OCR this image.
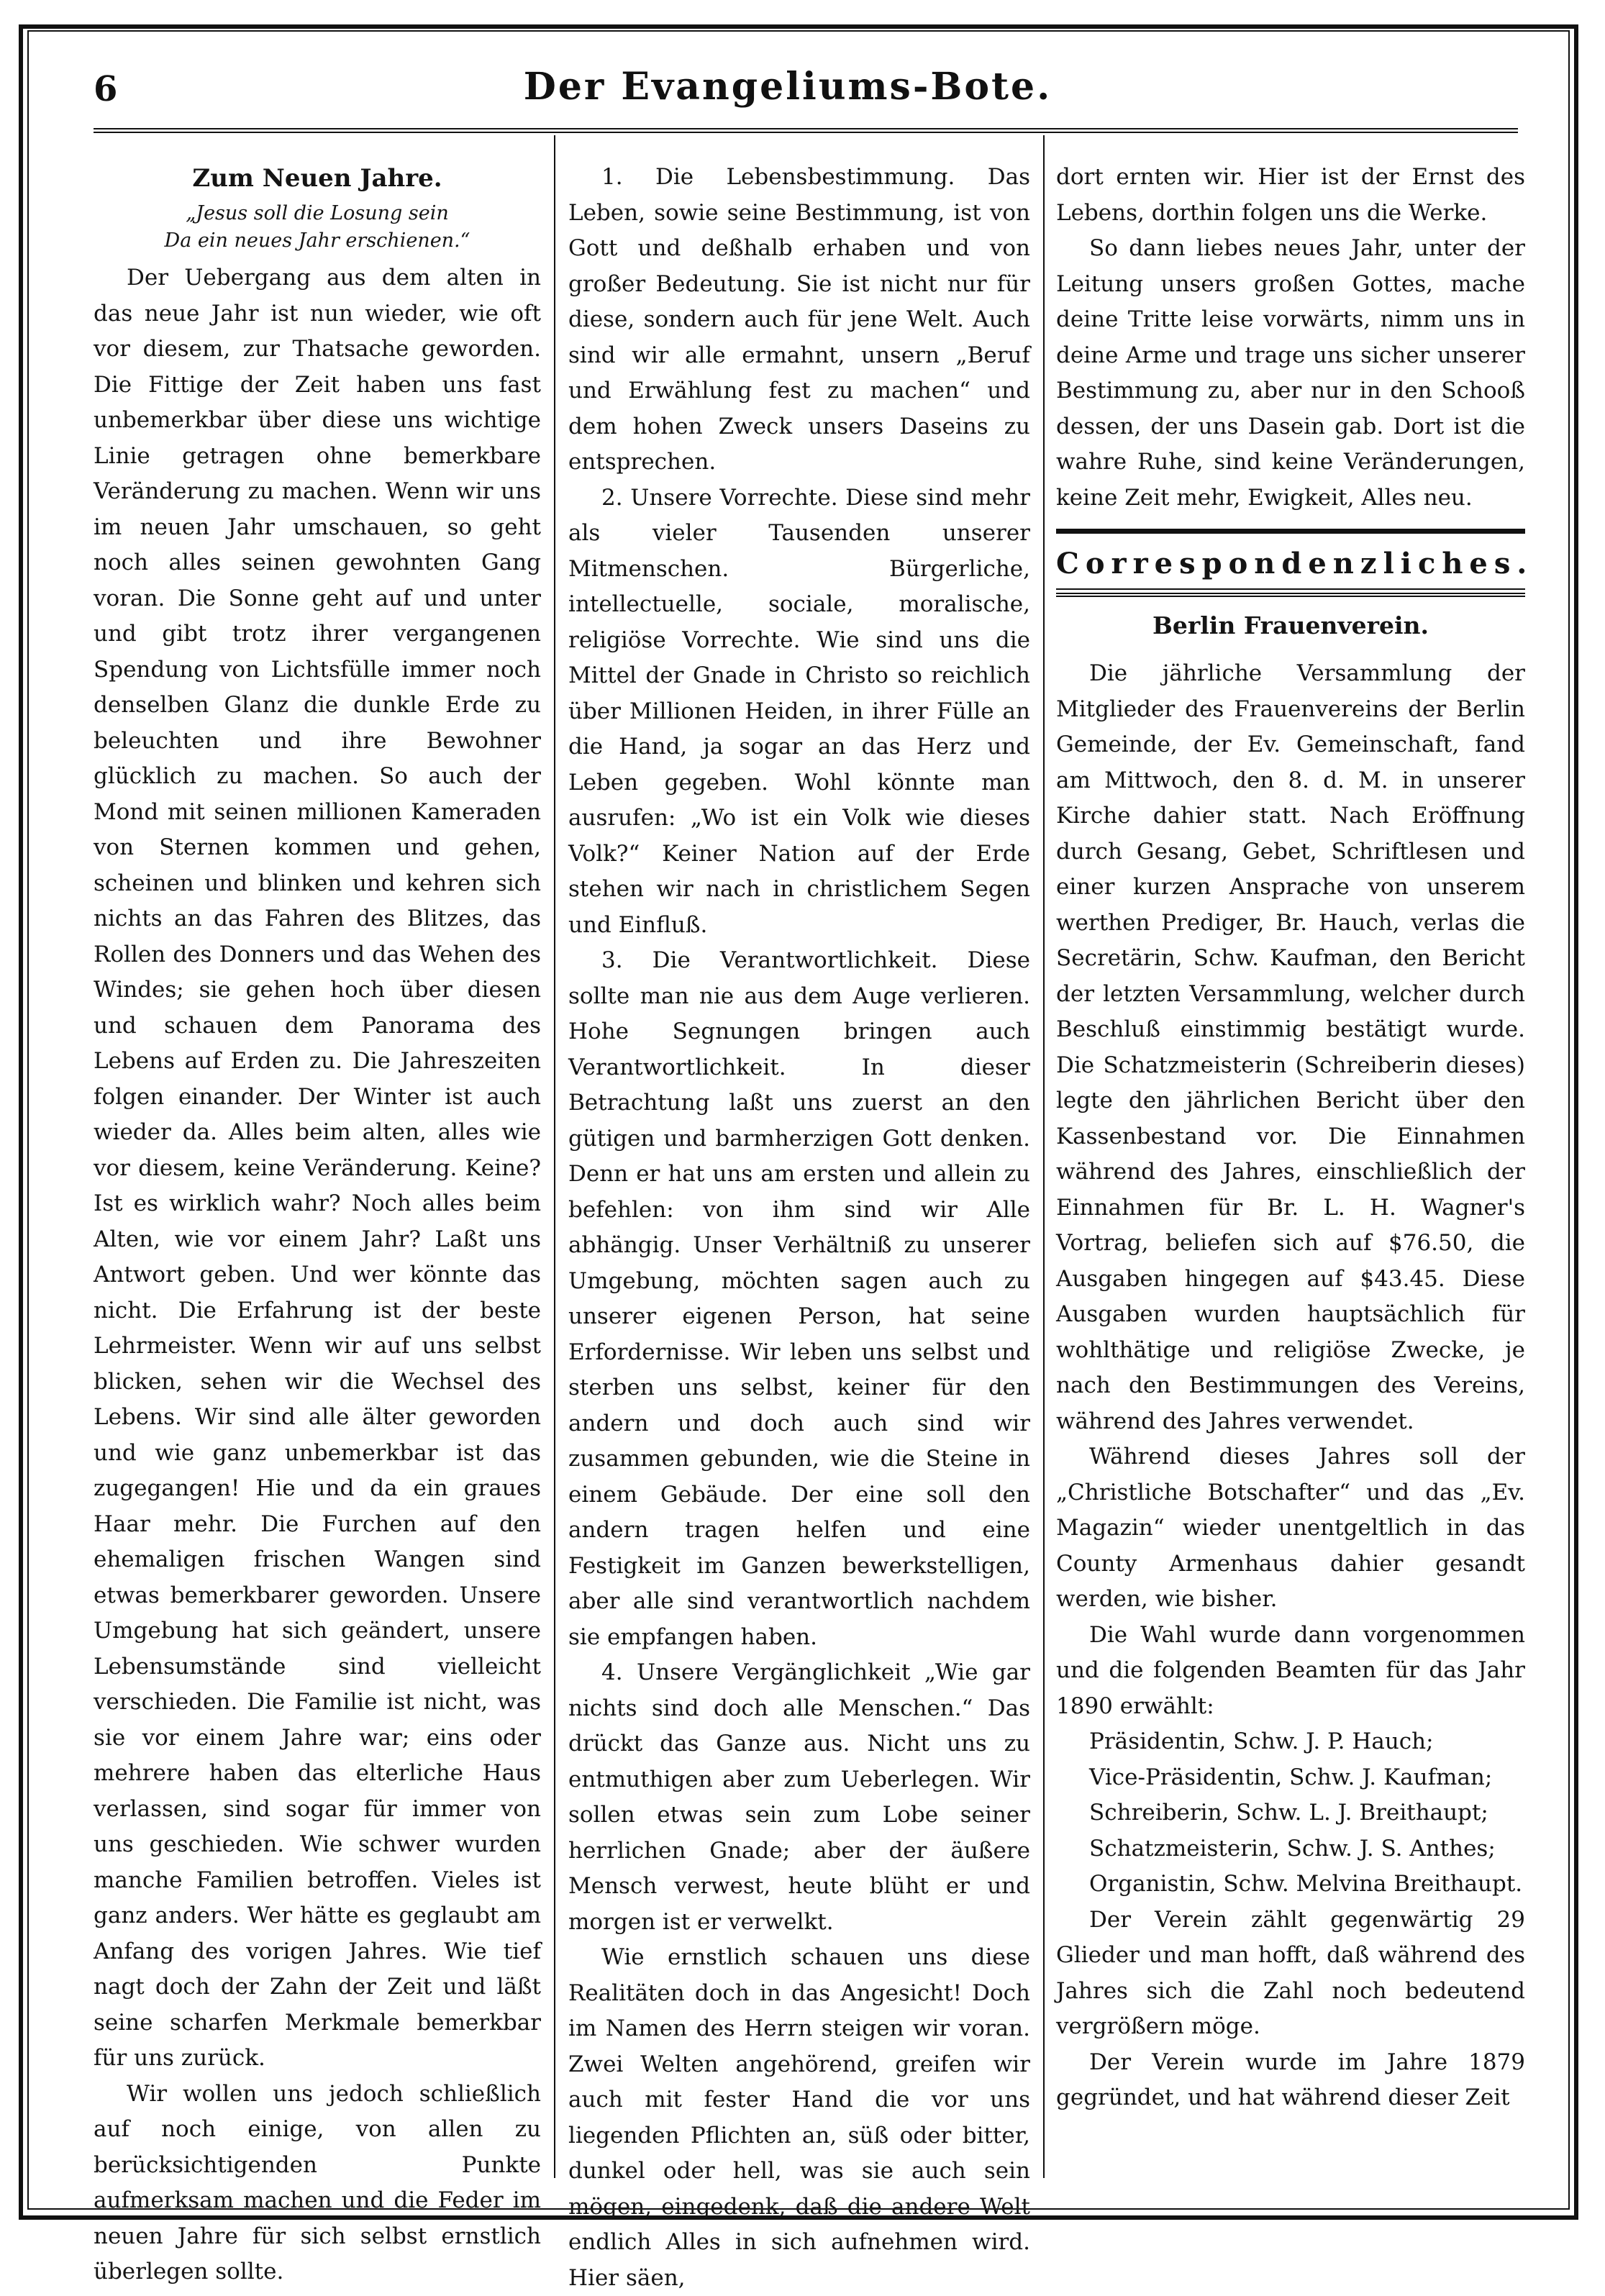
6	Der Evangeliums-Bote.
Zum Neuen Jahre.
„Jesus soll die Losung sein
Da ein neues Jahr erschienen.“

Der Uebergang aus dem alten in das neue Jahr ist nun wieder, wie oft vor diesem, zur Thatsache geworden. Die Fittige der Zeit haben uns fast unbemerkbar über diese uns wichtige Linie getragen ohne bemerkbare Veränderung zu machen. Wenn wir uns im neuen Jahr umschauen, so geht noch alles seinen gewohnten Gang voran. Die Sonne geht auf und unter und gibt trotz ihrer vergangenen Spendung von Lichtsfülle immer noch denselben Glanz die dunkle Erde zu beleuchten und ihre Bewohner glücklich zu machen. So auch der Mond mit seinen millionen Kameraden von Sternen kommen und gehen, scheinen und blinken und kehren sich nichts an das Fahren des Blitzes, das Rollen des Donners und das Wehen des Windes; sie gehen hoch über diesen und schauen dem Panorama des Lebens auf Erden zu. Die Jahreszeiten folgen einander. Der Winter ist auch wieder da. Alles beim alten, alles wie vor diesem, keine Veränderung. Keine? Ist es wirklich wahr? Noch alles beim Alten, wie vor einem Jahr? Laßt uns Antwort geben. Und wer könnte das nicht. Die Erfahrung ist der beste Lehrmeister. Wenn wir auf uns selbst blicken, sehen wir die Wechsel des Lebens. Wir sind alle älter geworden und wie ganz unbemerkbar ist das zugegangen! Hie und da ein graues Haar mehr. Die Furchen auf den ehemaligen frischen Wangen sind etwas bemerkbarer geworden. Unsere Umgebung hat sich geändert, unsere Lebensumstände sind vielleicht verschieden. Die Familie ist nicht, was sie vor einem Jahre war; eins oder mehrere haben das elterliche Haus verlassen, sind sogar für immer von uns geschieden. Wie schwer wurden manche Familien betroffen. Vieles ist ganz anders. Wer hätte es geglaubt am Anfang des vorigen Jahres. Wie tief nagt doch der Zahn der Zeit und läßt seine scharfen Merkmale bemerkbar für uns zurück.

Wir wollen uns jedoch schließlich auf noch einige, von allen zu berücksichtigenden Punkte aufmerksam machen und die Feder im neuen Jahre für sich selbst ernstlich überlegen sollte.

1. Die Lebensbestimmung. Das Leben, sowie seine Bestimmung, ist von Gott und deßhalb erhaben und von großer Bedeutung. Sie ist nicht nur für diese, sondern auch für jene Welt. Auch sind wir alle ermahnt, unsern „Beruf und Erwählung fest zu machen“ und dem hohen Zweck unsers Daseins zu entsprechen.

2. Unsere Vorrechte. Diese sind mehr als vieler Tausenden unserer Mitmenschen. Bürgerliche, intellectuelle, sociale, moralische, religiöse Vorrechte. Wie sind uns die Mittel der Gnade in Christo so reichlich über Millionen Heiden, in ihrer Fülle an die Hand, ja sogar an das Herz und Leben gegeben. Wohl könnte man ausrufen: „Wo ist ein Volk wie dieses Volk?“ Keiner Nation auf der Erde stehen wir nach in christlichem Segen und Einfluß.

3. Die Verantwortlichkeit. Diese sollte man nie aus dem Auge verlieren. Hohe Segnungen bringen auch Verantwortlichkeit. In dieser Betrachtung laßt uns zuerst an den gütigen und barmherzigen Gott denken. Denn er hat uns am ersten und allein zu befehlen: von ihm sind wir Alle abhängig. Unser Verhältniß zu unserer Umgebung, möchten sagen auch zu unserer eigenen Person, hat seine Erfordernisse. Wir leben uns selbst und sterben uns selbst, keiner für den andern und doch auch sind wir zusammen gebunden, wie die Steine in einem Gebäude. Der eine soll den andern tragen helfen und eine Festigkeit im Ganzen bewerkstelligen, aber alle sind verantwortlich nachdem sie empfangen haben.

4. Unsere Vergänglichkeit „Wie gar nichts sind doch alle Menschen.“ Das drückt das Ganze aus. Nicht uns zu entmuthigen aber zum Ueberlegen. Wir sollen etwas sein zum Lobe seiner herrlichen Gnade; aber der äußere Mensch verwest, heute blüht er und morgen ist er verwelkt.

Wie ernstlich schauen uns diese Realitäten doch in das Angesicht! Doch im Namen des Herrn steigen wir voran. Zwei Welten angehörend, greifen wir auch mit fester Hand die vor uns liegenden Pflichten an, süß oder bitter, dunkel oder hell, was sie auch sein mögen, eingedenk, daß die andere Welt endlich Alles in sich aufnehmen wird. Hier säen,

dort ernten wir. Hier ist der Ernst des Lebens, dorthin folgen uns die Werke.

So dann liebes neues Jahr, unter der Leitung unsers großen Gottes, mache deine Tritte leise vorwärts, nimm uns in deine Arme und trage uns sicher unserer Bestimmung zu, aber nur in den Schooß dessen, der uns Dasein gab. Dort ist die wahre Ruhe, sind keine Veränderungen, keine Zeit mehr, Ewigkeit, Alles neu.

Correspondenzliches.
Berlin Frauenverein.

Die jährliche Versammlung der Mitglieder des Frauenvereins der Berlin Gemeinde, der Ev. Gemeinschaft, fand am Mittwoch, den 8. d. M. in unserer Kirche dahier statt. Nach Eröffnung durch Gesang, Gebet, Schriftlesen und einer kurzen Ansprache von unserem werthen Prediger, Br. Hauch, verlas die Secretärin, Schw. Kaufman, den Bericht der letzten Versammlung, welcher durch Beschluß einstimmig bestätigt wurde. Die Schatzmeisterin (Schreiberin dieses) legte den jährlichen Bericht über den Kassenbestand vor. Die Einnahmen während des Jahres, einschließlich der Einnahmen für Br. L. H. Wagner's Vortrag, beliefen sich auf $76.50, die Ausgaben hingegen auf $43.45. Diese Ausgaben wurden hauptsächlich für wohlthätige und religiöse Zwecke, je nach den Bestimmungen des Vereins, während des Jahres verwendet.

Während dieses Jahres soll der „Christliche Botschafter“ und das „Ev. Magazin“ wieder unentgeltlich in das County Armenhaus dahier gesandt werden, wie bisher.

Die Wahl wurde dann vorgenommen und die folgenden Beamten für das Jahr 1890 erwählt:

Präsidentin, Schw. J. P. Hauch;
Vice-Präsidentin, Schw. J. Kaufman;
Schreiberin, Schw. L. J. Breithaupt;
Schatzmeisterin, Schw. J. S. Anthes;
Organistin, Schw. Melvina Breithaupt.

Der Verein zählt gegenwärtig 29 Glieder und man hofft, daß während des Jahres sich die Zahl noch bedeutend vergrößern möge.

Der Verein wurde im Jahre 1879 gegründet, und hat während dieser Zeit
